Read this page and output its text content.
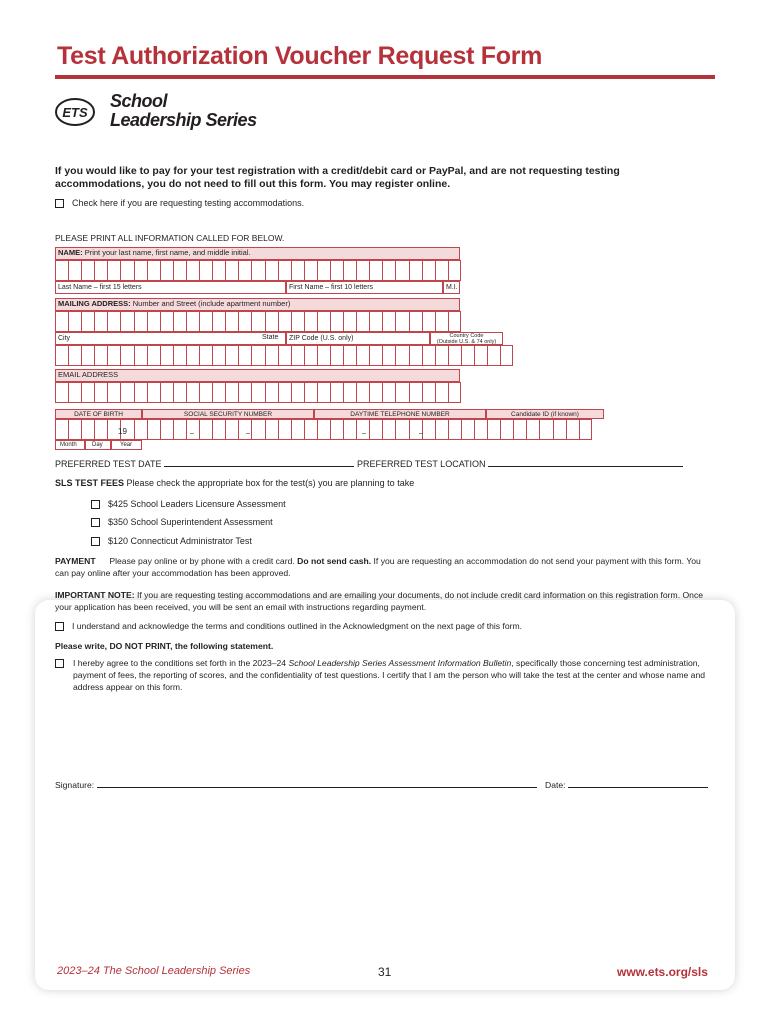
Test Authorization Voucher Request Form
ETS
School
Leadership Series
If you would like to pay for your test registration with a credit/debit card or PayPal, and are not requesting testing accommodations, you do not need to fill out this form. You may register online.
Check here if you are requesting testing accommodations.
PLEASE PRINT ALL INFORMATION CALLED FOR BELOW.
NAME: Print your last name, first name, and middle initial.
Last Name – first 15 letters	First Name – first 10 letters	M.I.
MAILING ADDRESS: Number and Street (include apartment number)
City	State	ZIP Code (U.S. only)	Country Code
(Outside U.S. & 74 only)
EMAIL ADDRESS
DATE OF BIRTH	SOCIAL SECURITY NUMBER	DAYTIME TELEPHONE NUMBER	Candidate ID (if known)
19	–	–	–	–
Month	Day	Year
PREFERRED TEST DATE	PREFERRED TEST LOCATION
SLS TEST FEES Please check the appropriate box for the test(s) you are planning to take
$425 School Leaders Licensure Assessment
$350 School Superintendent Assessment
$120 Connecticut Administrator Test
PAYMENT Please pay online or by phone with a credit card. Do not send cash. If you are requesting an accommodation do not send your payment with this form. You can pay online after your accommodation has been approved.
IMPORTANT NOTE: If you are requesting testing accommodations and are emailing your documents, do not include credit card information on this registration form. Once your application has been received, you will be sent an email with instructions regarding payment.
I understand and acknowledge the terms and conditions outlined in the Acknowledgment on the next page of this form.
Please write, DO NOT PRINT, the following statement.
I hereby agree to the conditions set forth in the 2023–24 School Leadership Series Assessment Information Bulletin, specifically those concerning test administration, payment of fees, the reporting of scores, and the confidentiality of test questions. I certify that I am the person who will take the test at the center and whose name and address appear on this form.
Signature:	Date:
2023–24 The School Leadership Series	31	www.ets.org/sls
